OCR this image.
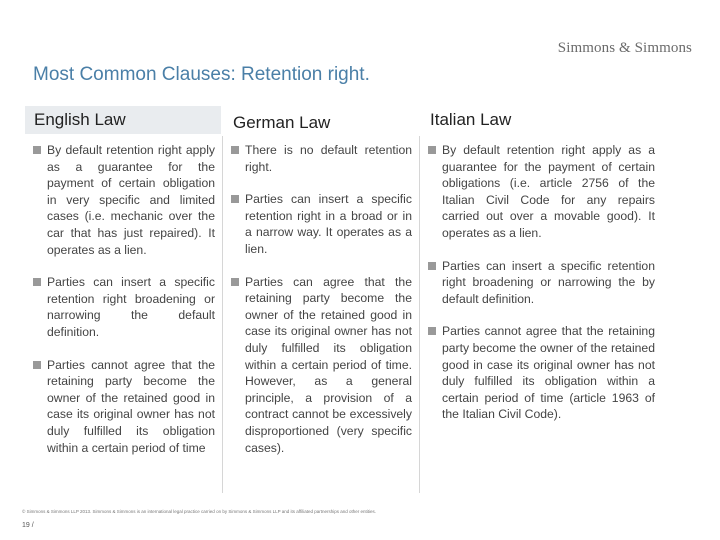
Simmons & Simmons
Most Common Clauses: Retention right.
English Law	German Law	Italian Law
By default retention right apply as a guarantee for the payment of certain obligation in very specific and limited cases (i.e. mechanic over the car that has just repaired). It operates as a lien.
Parties can insert a specific retention right broadening or narrowing the default definition.
Parties cannot agree that the retaining party become the owner of the retained good in case its original owner has not duly fulfilled its obligation within a certain period of time
There is no default retention right.
Parties can insert a specific retention right in a broad or in a narrow way. It operates as a lien.
Parties can agree that the retaining party become the owner of the retained good in case its original owner has not duly fulfilled its obligation within a certain period of time. However, as a general principle, a provision of a contract cannot be excessively disproportioned (very specific cases).
By default retention right apply as a guarantee for the payment of certain obligations (i.e. article 2756 of the Italian Civil Code for any repairs carried out over a movable good). It operates as a lien.
Parties can insert a specific retention right broadening or narrowing the by default definition.
Parties cannot agree that the retaining party become the owner of the retained good in case its original owner has not duly fulfilled its obligation within a certain period of time (article 1963 of the Italian Civil Code).
© Simmons & Simmons LLP 2013. Simmons & Simmons is an international legal practice carried on by Simmons & Simmons LLP and its affiliated partnerships and other entities.
19 /
